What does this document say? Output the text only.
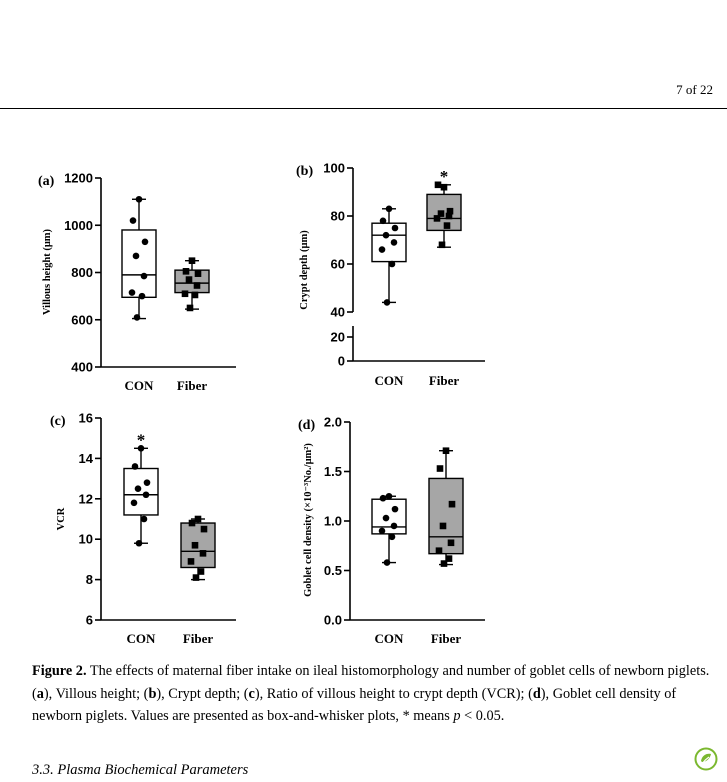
7 of 22
400
600
800
1000
1200
(a)
Villous height (μm)
CON Fiber
0
20
40
60
80
100
(b)
Crypt depth (μm)
CON Fiber
*
6
8
10
12
14
16
(c)
VCR
CON Fiber
*
0.0
0.5
1.0
1.5
2.0
(d)
Goblet cell density (×10⁻³No./μm²)
CON Fiber

Figure 2. The effects of maternal fiber intake on ileal histomorphology and number of goblet cells of newborn piglets. (a), Villous height; (b), Crypt depth; (c), Ratio of villous height to crypt depth (VCR); (d), Goblet cell density of newborn piglets. Values are presented as box-and-whisker plots, * means p < 0.05.

3.3. Plasma Biochemical Parameters
